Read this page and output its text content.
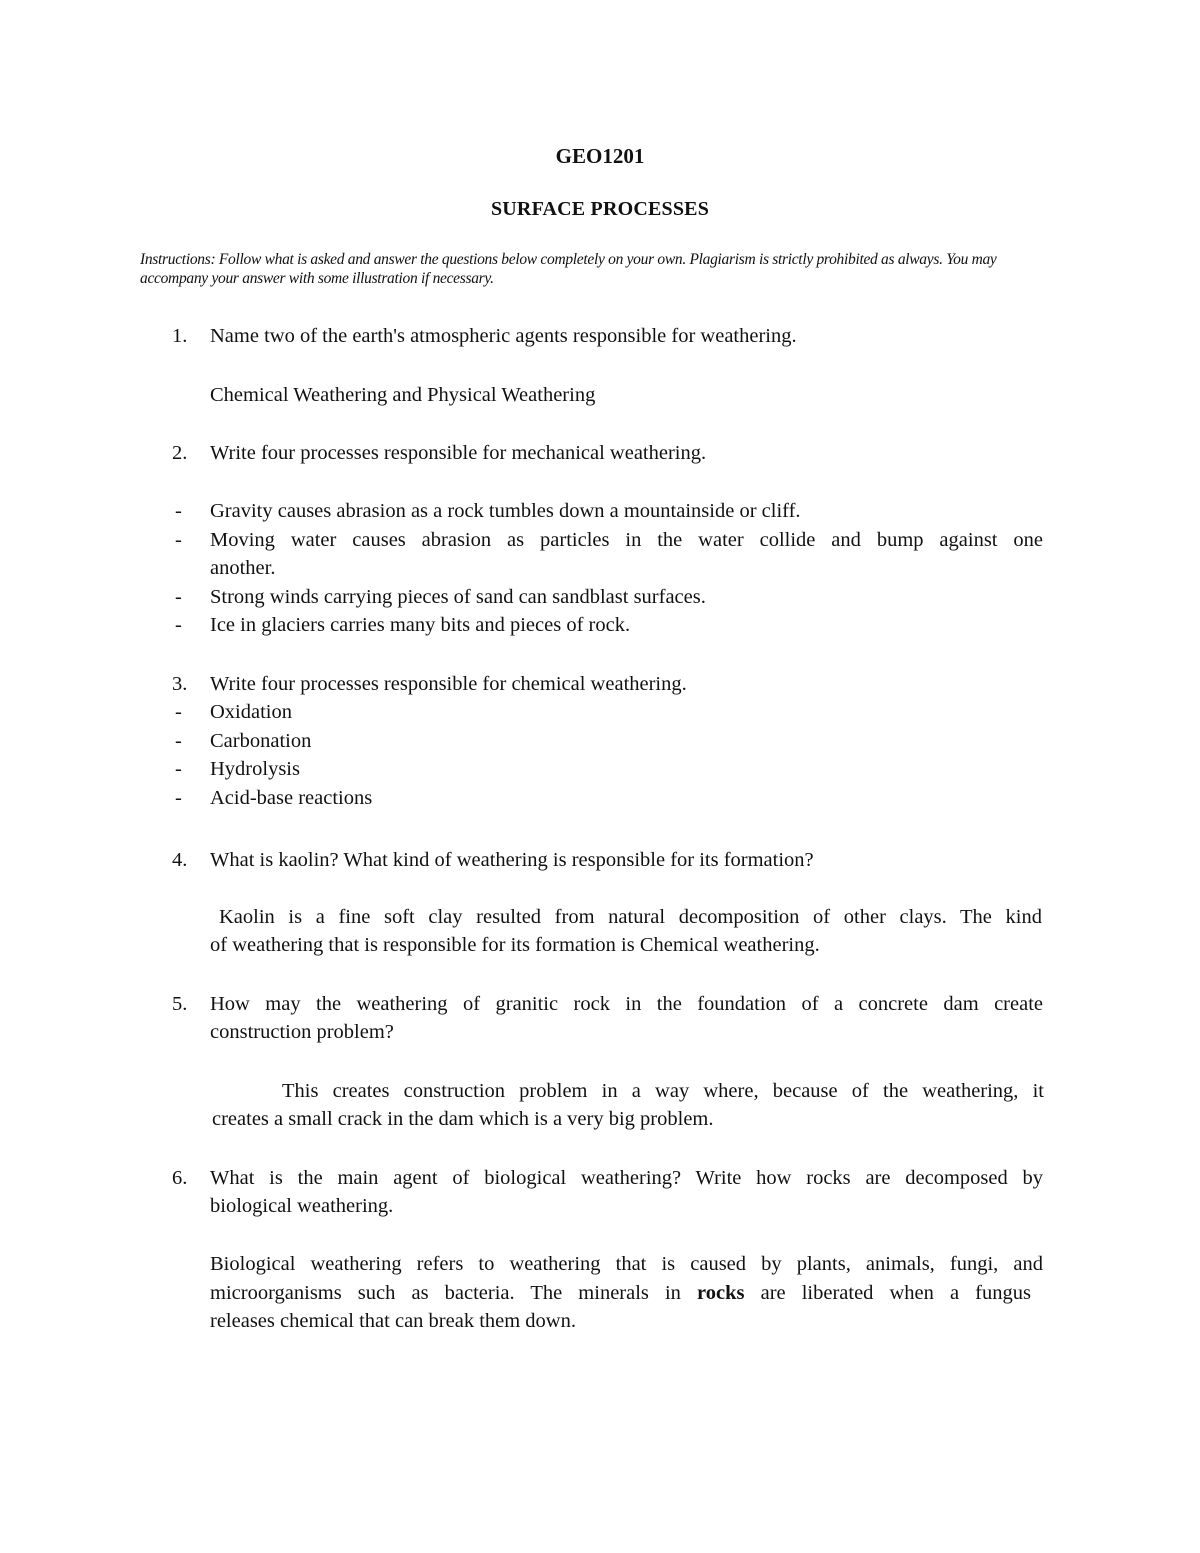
GEO1201
SURFACE PROCESSES
Instructions: Follow what is asked and answer the questions below completely on your own. Plagiarism is strictly prohibited as always. You may accompany your answer with some illustration if necessary.
1. Name two of the earth's atmospheric agents responsible for weathering.
Chemical Weathering and Physical Weathering
2. Write four processes responsible for mechanical weathering.
- Gravity causes abrasion as a rock tumbles down a mountainside or cliff.
- Moving water causes abrasion as particles in the water collide and bump against one
another.
- Strong winds carrying pieces of sand can sandblast surfaces.
- Ice in glaciers carries many bits and pieces of rock.
3. Write four processes responsible for chemical weathering.
- Oxidation
- Carbonation
- Hydrolysis
- Acid-base reactions
4. What is kaolin? What kind of weathering is responsible for its formation?
Kaolin is a fine soft clay resulted from natural decomposition of other clays. The kind
of weathering that is responsible for its formation is Chemical weathering.
5. How may the weathering of granitic rock in the foundation of a concrete dam create
construction problem?
This creates construction problem in a way where, because of the weathering, it
creates a small crack in the dam which is a very big problem.
6. What is the main agent of biological weathering? Write how rocks are decomposed by
biological weathering.
Biological weathering refers to weathering that is caused by plants, animals, fungi, and
microorganisms such as bacteria. The minerals in rocks are liberated when a fungus
releases chemical that can break them down.
